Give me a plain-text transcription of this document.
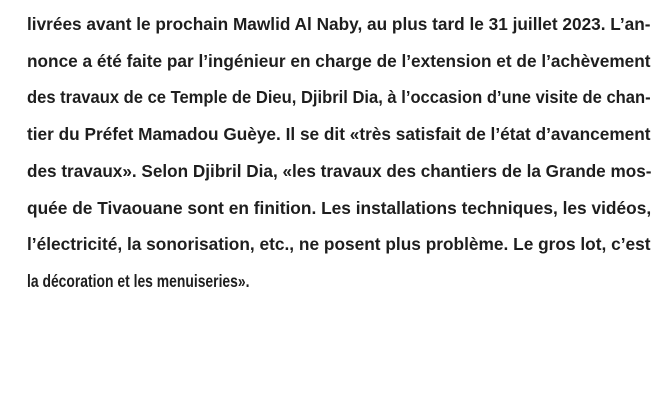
livrées avant le prochain Mawlid Al Naby, au plus tard le 31 juillet 2023. L’an-
nonce a été faite par l’ingénieur en charge de l’extension et de l’achèvement
des travaux de ce Temple de Dieu, Djibril Dia, à l’occasion d’une visite de chan-
tier du Préfet Mamadou Guèye. Il se dit «très satisfait de l’état d’avancement
des travaux». Selon Djibril Dia, «les travaux des chantiers de la Grande mos-
quée de Tivaouane sont en finition. Les installations techniques, les vidéos,
l’électricité, la sonorisation, etc., ne posent plus problème. Le gros lot, c’est
la décoration et les menuiseries».
